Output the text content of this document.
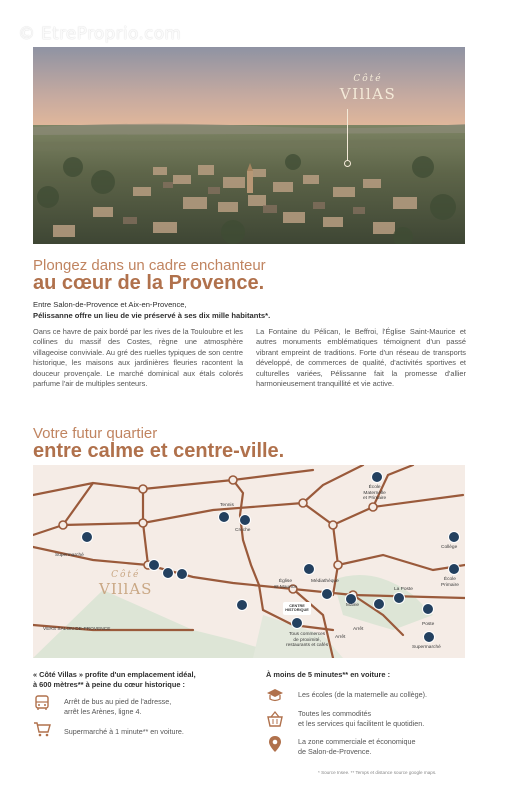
© EtreProprio.com
Côté
VIllAS
Plongez dans un cadre enchanteur
au cœur de la Provence.
Entre Salon-de-Provence et Aix-en-Provence,
Pélissanne offre un lieu de vie préservé à ses dix mille habitants*.
Oans ce havre de paix bordé par les rives de la Touloubre et les collines du massif des Costes, règne une atmosphère villageoise conviviale. Au gré des ruelles typiques de son centre historique, les maisons aux jardinières fleuries racontent la douceur provençale. Le marché dominical aux étals colorés parfume l'air de multiples senteurs.
La Fontaine du Pélican, le Beffroi, l'Église Saint-Maurice et autres monuments emblématiques témoignent d'un passé vibrant empreint de traditions. Forte d'un réseau de transports développé, de commerces de qualité, d'activités sportives et culturelles variées, Pélissanne fait la promesse d'allier harmonieusement tranquillité et vie active.
Votre futur quartier
entre calme et centre-ville.
Côté
VIllAS
École
Maternelle
et Primaire
Tennis
Crèche
Collège
Supermarché
École
Primaire
Médiathèque
Église
St Maurice	La Poste
Mairie
CENTRE
HISTORIQUE
Tous commerces
de proximité,
restaurants et cafés
VERS SALON-DE-PROVENCE	Arrêt
Poste
Supermarché
Arrêt
« Côté Villas » profite d'un emplacement idéal,
à 600 mètres** à peine du cœur historique :
Arrêt de bus au pied de l'adresse,
arrêt les Arènes, ligne 4.
Supermarché à 1 minute** en voiture.
À moins de 5 minutes** en voiture :
Les écoles (de la maternelle au collège).
Toutes les commodités
et les services qui facilitent le quotidien.
La zone commerciale et économique
de Salon-de-Provence.
* Source Insee. ** Temps et distance source google maps.
